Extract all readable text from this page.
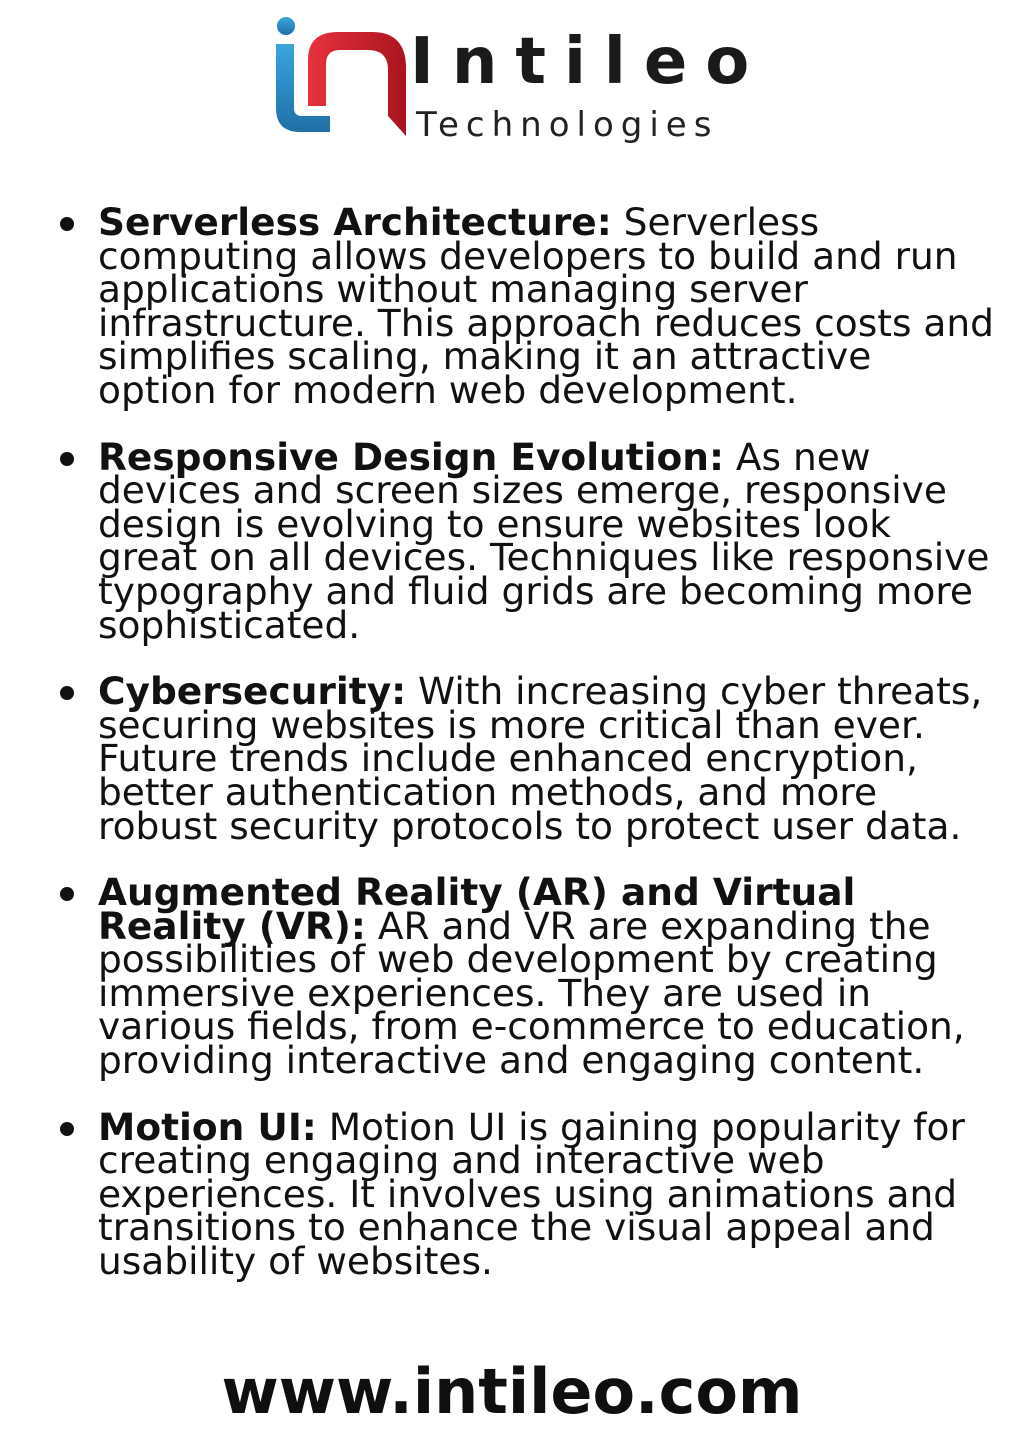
Intileo
Technologies
Serverless Architecture: Serverless computing allows developers to build and run applications without managing server infrastructure. This approach reduces costs and simplifies scaling, making it an attractive option for modern web development.
Responsive Design Evolution: As new devices and screen sizes emerge, responsive design is evolving to ensure websites look great on all devices. Techniques like responsive typography and fluid grids are becoming more sophisticated.
Cybersecurity: With increasing cyber threats, securing websites is more critical than ever. Future trends include enhanced encryption, better authentication methods, and more robust security protocols to protect user data.
Augmented Reality (AR) and Virtual Reality (VR): AR and VR are expanding the possibilities of web development by creating immersive experiences. They are used in various fields, from e-commerce to education, providing interactive and engaging content.
Motion UI: Motion UI is gaining popularity for creating engaging and interactive web experiences. It involves using animations and transitions to enhance the visual appeal and usability of websites.
www.intileo.com
